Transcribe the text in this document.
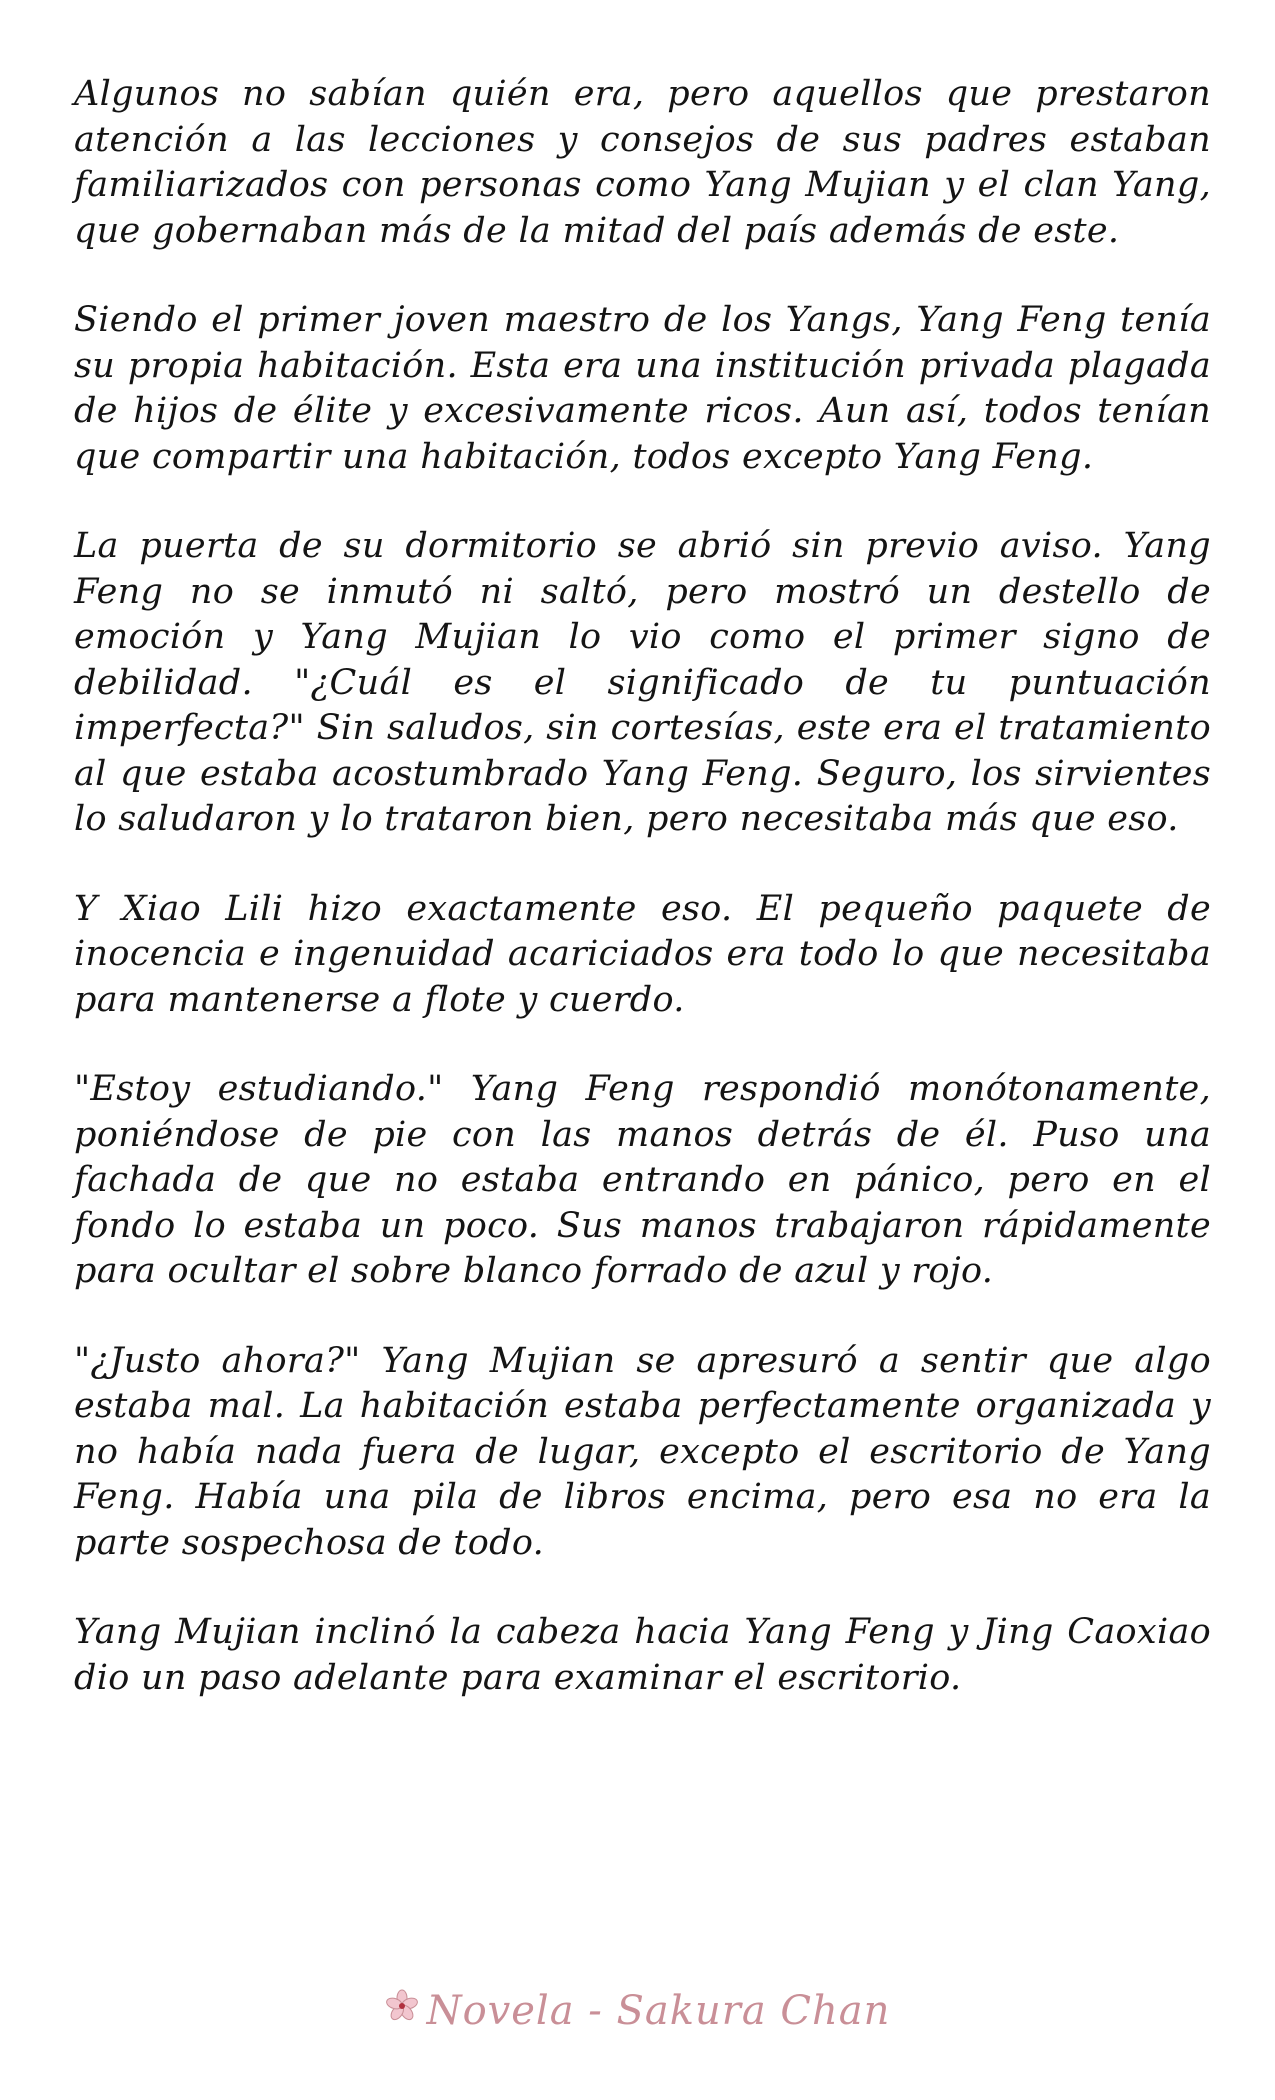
Algunos no sabían quién era, pero aquellos que prestaron atención a las lecciones y consejos de sus padres estaban familiarizados con personas como Yang Mujian y el clan Yang, que gobernaban más de la mitad del país además de este.

Siendo el primer joven maestro de los Yangs, Yang Feng tenía su propia habitación. Esta era una institución privada plagada de hijos de élite y excesivamente ricos. Aun así, todos tenían que compartir una habitación, todos excepto Yang Feng.

La puerta de su dormitorio se abrió sin previo aviso. Yang Feng no se inmutó ni saltó, pero mostró un destello de emoción y Yang Mujian lo vio como el primer signo de debilidad. "¿Cuál es el significado de tu puntuación imperfecta?" Sin saludos, sin cortesías, este era el tratamiento al que estaba acostumbrado Yang Feng. Seguro, los sirvientes lo saludaron y lo trataron bien, pero necesitaba más que eso.

Y Xiao Lili hizo exactamente eso. El pequeño paquete de inocencia e ingenuidad acariciados era todo lo que necesitaba para mantenerse a flote y cuerdo.

"Estoy estudiando." Yang Feng respondió monótonamente, poniéndose de pie con las manos detrás de él. Puso una fachada de que no estaba entrando en pánico, pero en el fondo lo estaba un poco. Sus manos trabajaron rápidamente para ocultar el sobre blanco forrado de azul y rojo.

"¿Justo ahora?" Yang Mujian se apresuró a sentir que algo estaba mal. La habitación estaba perfectamente organizada y no había nada fuera de lugar, excepto el escritorio de Yang Feng. Había una pila de libros encima, pero esa no era la parte sospechosa de todo.

Yang Mujian inclinó la cabeza hacia Yang Feng y Jing Caoxiao dio un paso adelante para examinar el escritorio.

Novela - Sakura Chan
